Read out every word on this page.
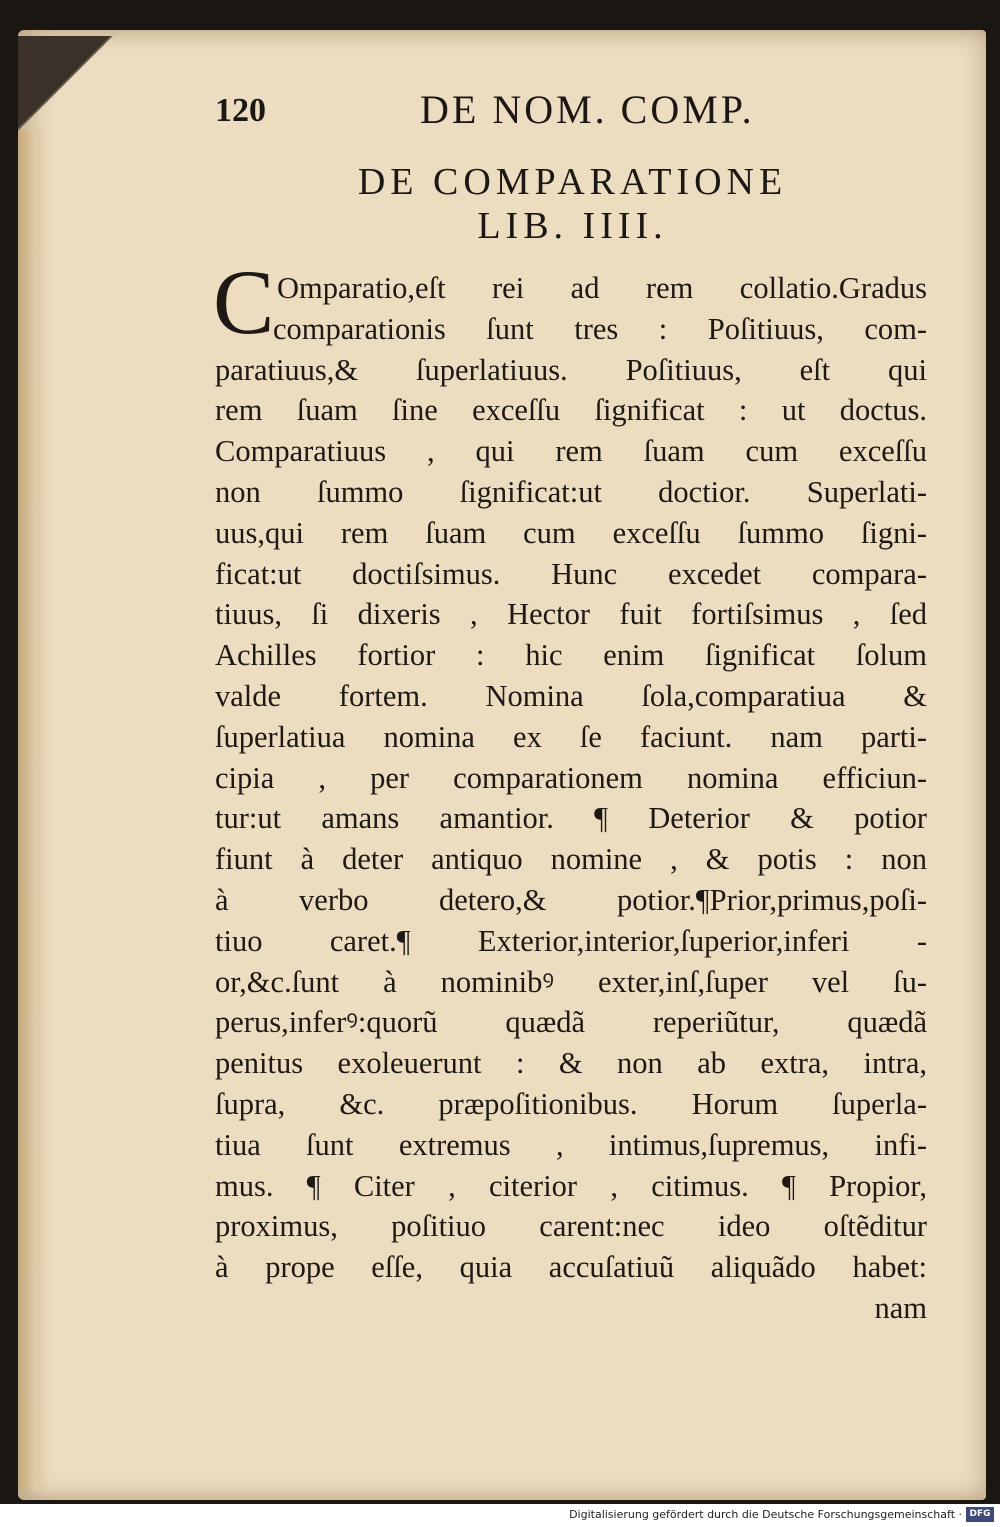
120	DE NOM. COMP.
DE COMPARATIONE
LIB. IIII.
C Omparatio,eſt rei ad rem collatio.Gradus
comparationis ſunt tres : Poſitiuus, com-
paratiuus,& ſuperlatiuus. Poſitiuus, eſt qui
rem ſuam ſine exceſſu ſignificat : ut doctus.
Comparatiuus , qui rem ſuam cum exceſſu
non ſummo ſignificat:ut doctior. Superlati-
uus,qui rem ſuam cum exceſſu ſummo ſigni-
ficat:ut doctiſsimus. Hunc excedet compara-
tiuus, ſi dixeris , Hector fuit fortiſsimus , ſed
Achilles fortior : hic enim ſignificat ſolum
valde fortem. Nomina ſola,comparatiua &
ſuperlatiua nomina ex ſe faciunt. nam parti-
cipia , per comparationem nomina efficiun-
tur:ut amans amantior. ¶ Deterior & potior
fiunt à deter antiquo nomine , & potis : non
à verbo detero,& potior.¶Prior,primus,poſi-
tiuo caret.¶ Exterior,interior,ſuperior,inferi -
or,&c.ſunt à nominibꝰ exter,inſ,ſuper vel ſu-
perus,inferꝰ:quorũ quædã reperiũtur, quædã
penitus exoleuerunt : & non ab extra, intra,
ſupra, &c. præpoſitionibus. Horum ſuperla-
tiua ſunt extremus , intimus,ſupremus, infi-
mus. ¶ Citer , citerior , citimus. ¶ Propior,
proximus, poſitiuo carent:nec ideo oſtẽditur
à prope eſſe, quia accuſatiuũ aliquãdo habet:
nam
Digitalisierung gefördert durch die Deutsche Forschungsgemeinschaft · DFG
